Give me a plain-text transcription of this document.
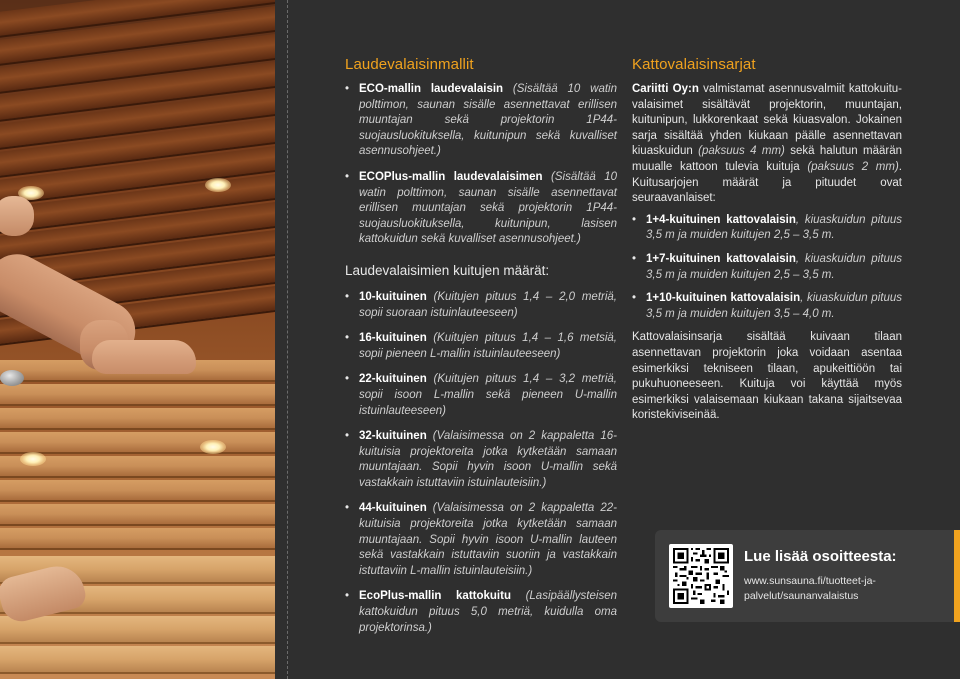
Laudevalaisinmallit
• ECO-mallin laudevalaisin (Sisältää 10 watin polttimon, saunan sisälle asennettavat erillisen muuntajan sekä projektorin 1P44-suojausluokituksella, kuitunipun sekä kuvalliset asennusohjeet.)
• ECOPlus-mallin laudevalaisimen (Sisältää 10 watin polttimon, saunan sisälle asennettavat erillisen muuntajan sekä projektorin 1P44-suojausluokituksella, kuitunipun, lasisen kattokuidun sekä kuvalliset asennusohjeet.)
Laudevalaisimien kuitujen määrät:
• 10-kuituinen (Kuitujen pituus 1,4 – 2,0 metriä, sopii suoraan istuinlauteeseen)
• 16-kuituinen (Kuitujen pituus 1,4 – 1,6 metsiä, sopii pieneen L-mallin istuinlauteeseen)
• 22-kuituinen (Kuitujen pituus 1,4 – 3,2 metriä, sopii isoon L-mallin sekä pieneen U-mallin istuinlauteeseen)
• 32-kuituinen (Valaisimessa on 2 kappaletta 16-kuituisia projektoreita jotka kytketään samaan muuntajaan. Sopii hyvin isoon U-mallin sekä vastakkain istuttaviin istuinlauteisiin.)
• 44-kuituinen (Valaisimessa on 2 kappaletta 22-kuituisia projektoreita jotka kytketään samaan muuntajaan. Sopii hyvin isoon U-mallin lauteen sekä vastakkain istuttaviin suoriin ja vastakkain istuttaviin L-mallin istuinlauteisiin.)
• EcoPlus-mallin kattokuitu (Lasipäällysteisen kattokuidun pituus 5,0 metriä, kuidulla oma projektorinsa.)
Kattovalaisinsarjat

Cariitti Oy:n valmistamat asennusvalmiit kattokuituvalaisimet sisältävät projektorin, muuntajan, kuitunipun, lukkorenkaat sekä kiuasvalon. Jokainen sarja sisältää yhden kiukaan päälle asennettavan kiuaskuidun (paksuus 4 mm) sekä halutun määrän muualle kattoon tulevia kuituja (paksuus 2 mm). Kuitusarjojen määrät ja pituudet ovat seuraavanlaiset:

• 1+4-kuituinen kattovalaisin, kiuaskuidun pituus 3,5 m ja muiden kuitujen 2,5 – 3,5 m.
• 1+7-kuituinen kattovalaisin, kiuaskuidun pituus 3,5 m ja muiden kuitujen 2,5 – 3,5 m.
• 1+10-kuituinen kattovalaisin, kiuaskuidun pituus 3,5 m ja muiden kuitujen 3,5 – 4,0 m.

Kattovalaisinsarja sisältää kuivaan tilaan asennettavan projektorin joka voidaan asentaa esimerkiksi tekniseen tilaan, apukeittiöön tai pukuhuoneeseen. Kuituja voi käyttää myös esimerkiksi valaisemaan kiukaan takana sijaitsevaa koristekiviseinää.

Lue lisää osoitteesta:
www.sunsauna.fi/tuotteet-ja-palvelut/saunanvalaistus
